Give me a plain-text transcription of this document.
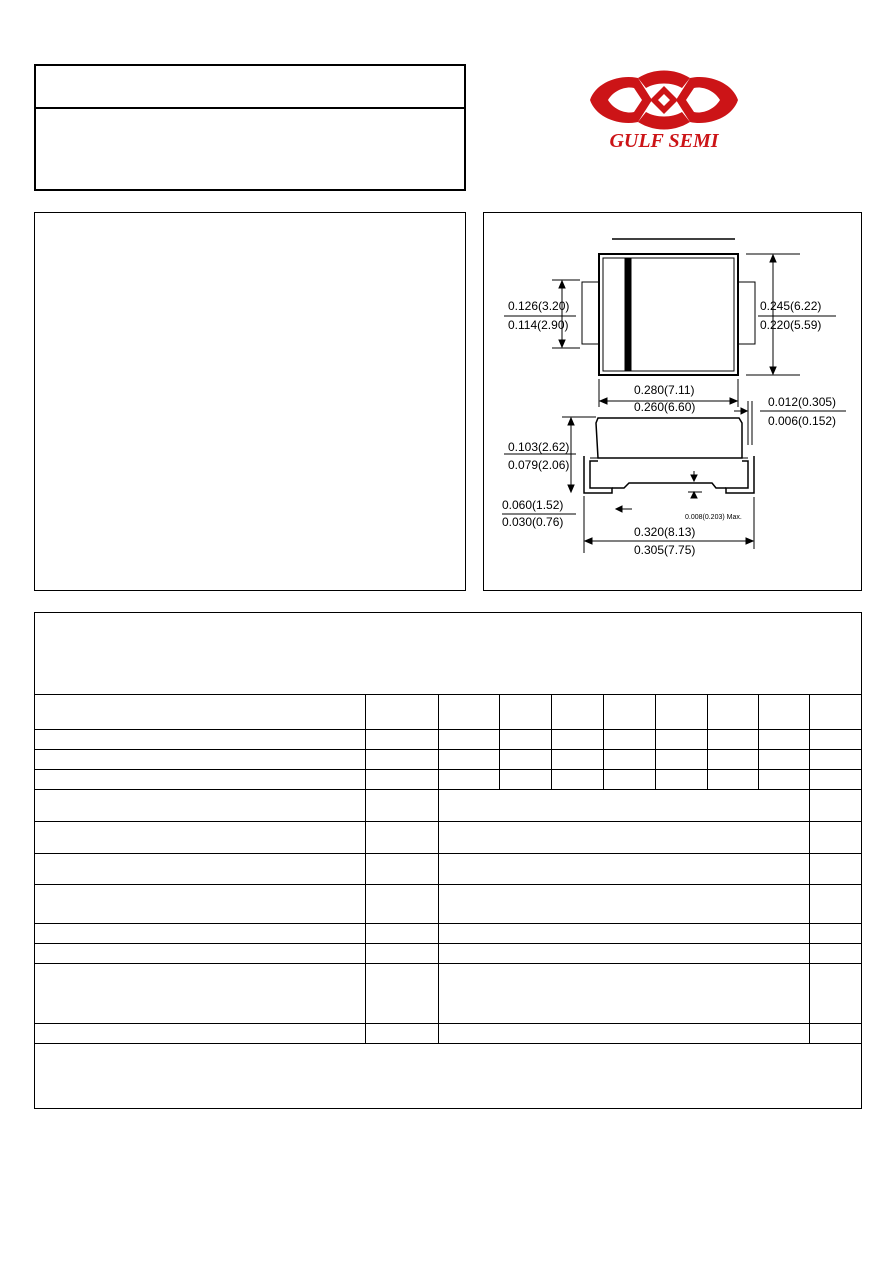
GULF SEMI
0.126(3.20)
0.114(2.90)
0.245(6.22)
0.220(5.59)
0.280(7.11)
0.260(6.60)	0.012(0.305)
0.006(0.152)
0.103(2.62)
0.079(2.06)
0.060(1.52)
0.030(0.76)	0.008(0.203) Max.
0.320(8.13)
0.305(7.75)
